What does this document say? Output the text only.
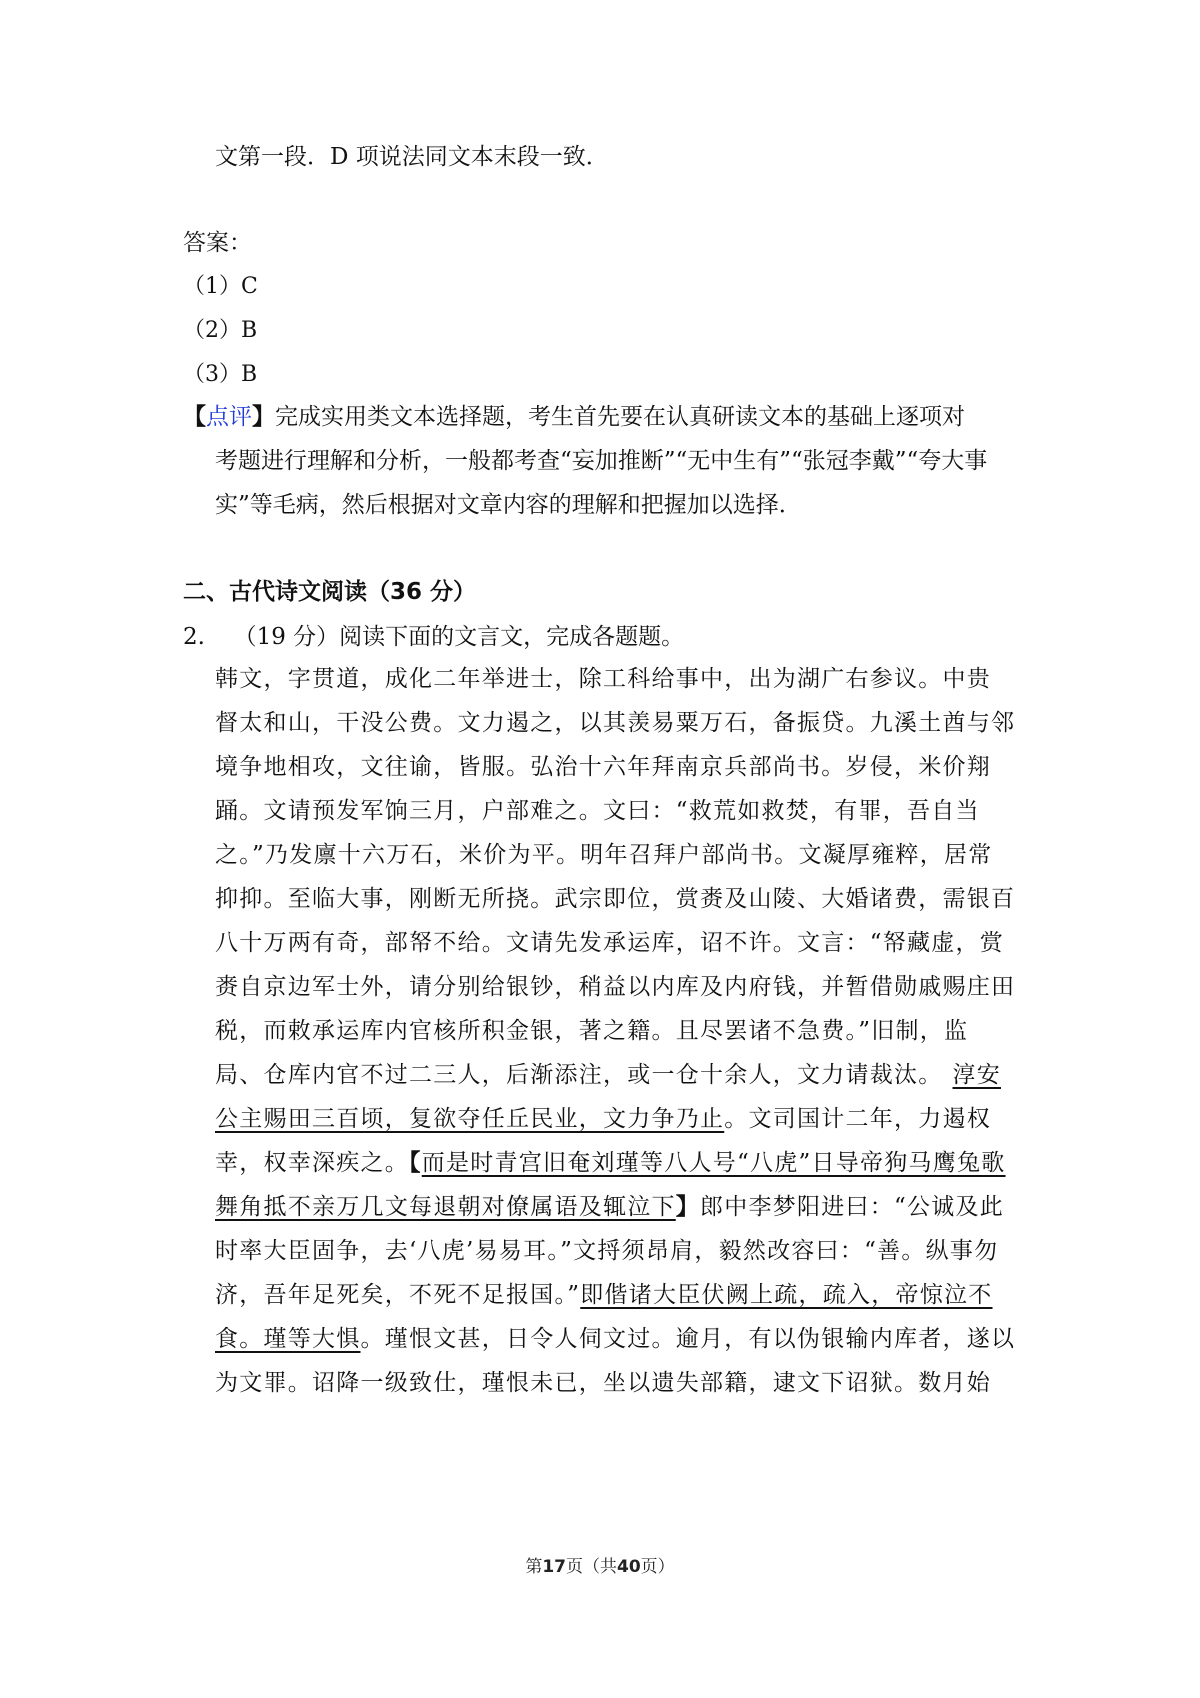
文第一段．D 项说法同文本末段一致．
答案：
（1）C
（2）B
（3）B
【点评】完成实用类文本选择题，考生首先要在认真研读文本的基础上逐项对
考题进行理解和分析，一般都考查“妄加推断”“无中生有”“张冠李戴”“夸大事
实”等毛病，然后根据对文章内容的理解和把握加以选择．
二、古代诗文阅读（36 分）
2. （19 分）阅读下面的文言文，完成各题题。
韩文，字贯道，成化二年举进士，除工科给事中，出为湖广右参议。中贵
督太和山，干没公费。文力遏之，以其羡易粟万石，备振贷。九溪土酋与邻
境争地相攻，文往谕，皆服。弘治十六年拜南京兵部尚书。岁侵，米价翔
踊。文请预发军饷三月，户部难之。文曰：“救荒如救焚，有罪，吾自当
之。”乃发廪十六万石，米价为平。明年召拜户部尚书。文凝厚雍粹，居常
抑抑。至临大事，刚断无所挠。武宗即位，赏赉及山陵、大婚诸费，需银百
八十万两有奇，部帑不给。文请先发承运库，诏不许。文言：“帑藏虚，赏
赉自京边军士外，请分别给银钞，稍益以内库及内府钱，并暂借勋戚赐庄田
税，而敕承运库内官核所积金银，著之籍。且尽罢诸不急费。”旧制，监
局、仓库内官不过二三人，后渐添注，或一仓十余人，文力请裁汰。 淳安
公主赐田三百顷，复欲夺任丘民业，文力争乃止。文司国计二年，力遏权
幸，权幸深疾之。【而是时青宫旧奄刘瑾等八人号“八虎”日导帝狗马鹰兔歌
舞角抵不亲万几文每退朝对僚属语及辄泣下】郎中李梦阳进曰：“公诚及此
时率大臣固争，去‘八虎’易易耳。”文捋须昂肩，毅然改容曰：“善。纵事勿
济，吾年足死矣，不死不足报国。”即偕诸大臣伏阙上疏，疏入，帝惊泣不
食。瑾等大惧。瑾恨文甚，日令人伺文过。逾月，有以伪银输内库者，遂以
为文罪。诏降一级致仕，瑾恨未已，坐以遗失部籍，逮文下诏狱。数月始
第17页（共40页）
